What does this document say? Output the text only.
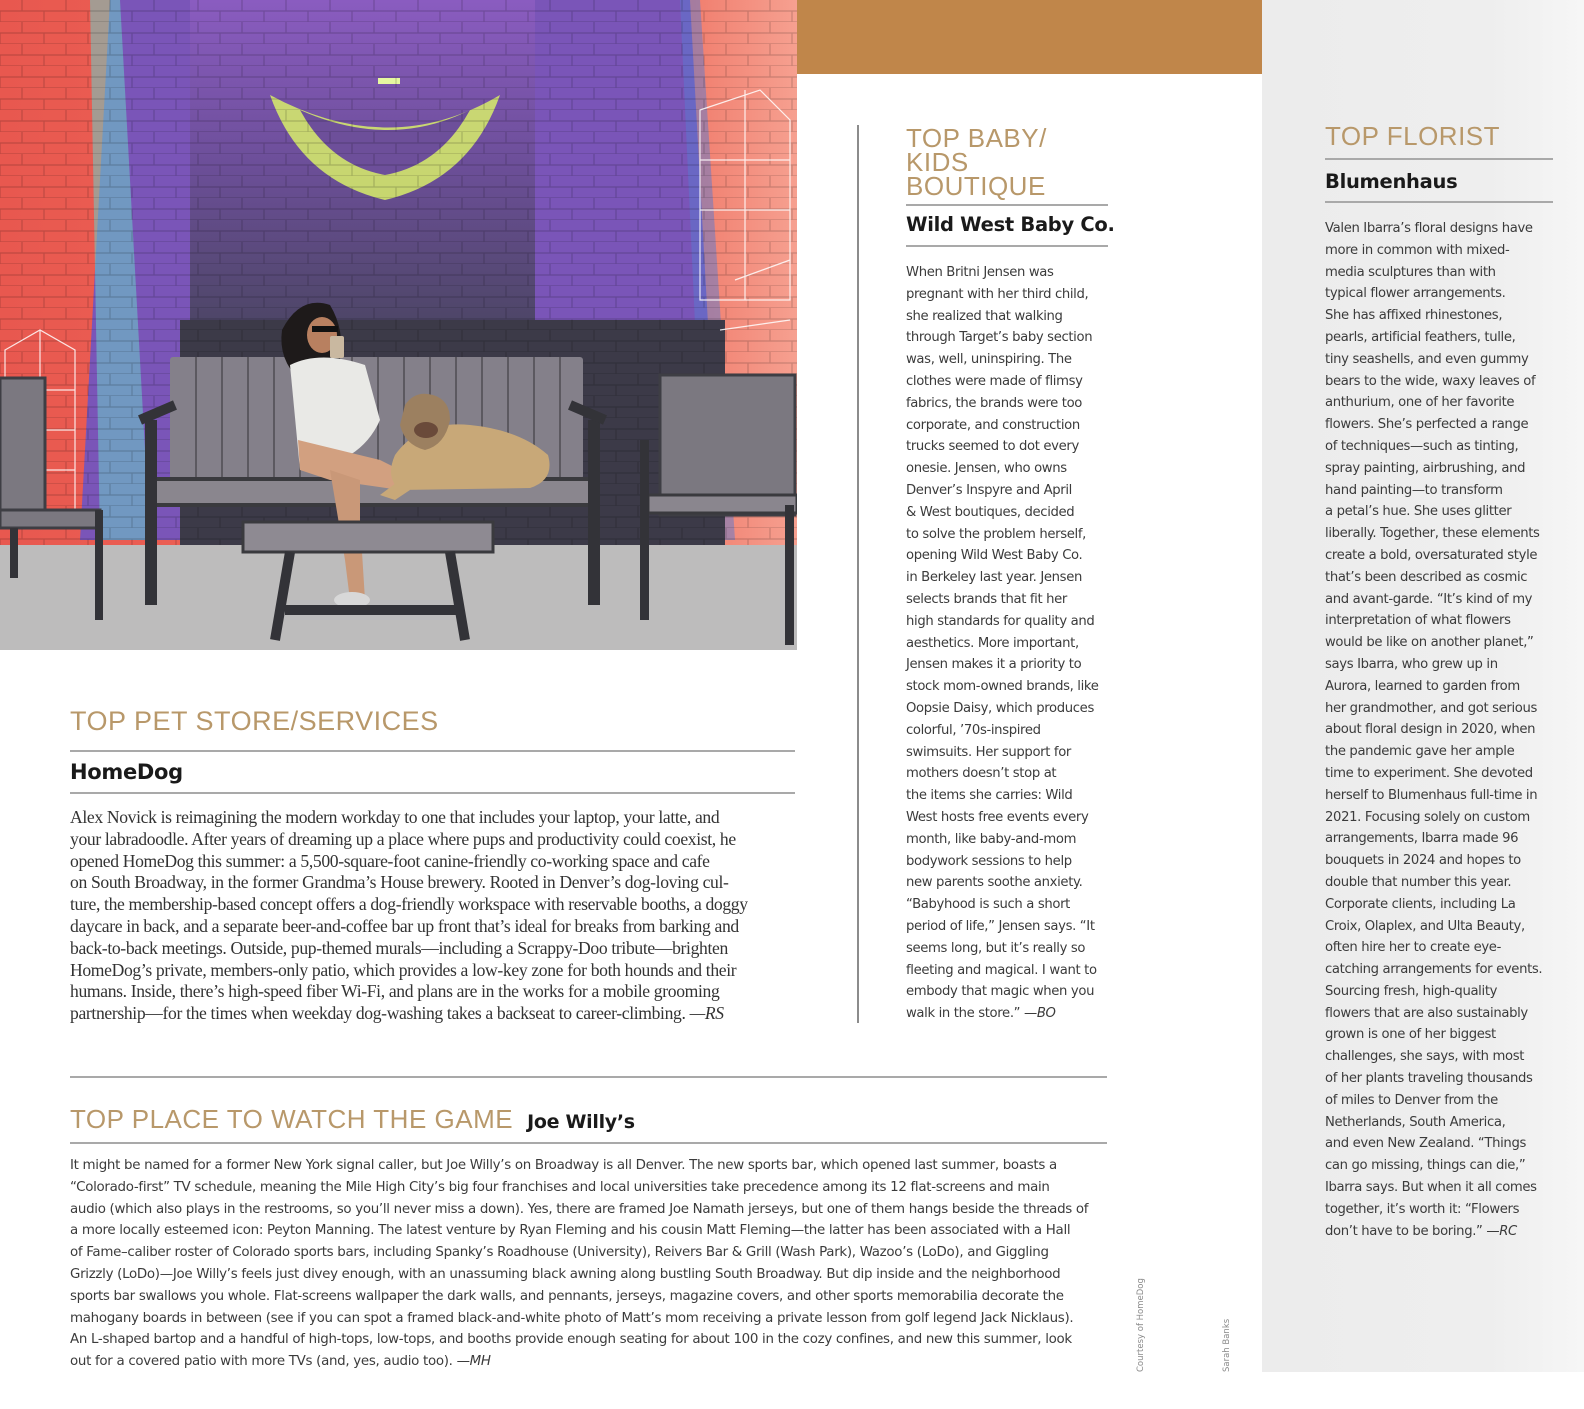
TOP PET STORE/SERVICES
HomeDog

Alex Novick is reimagining the modern workday to one that includes your laptop, your latte, and

your labradoodle. After years of dreaming up a place where pups and productivity could coexist, he

opened HomeDog this summer: a 5,500-square-foot canine-friendly co-working space and cafe

on South Broadway, in the former Grandma’s House brewery. Rooted in Denver’s dog-loving cul-

ture, the membership-based concept offers a dog-friendly workspace with reservable booths, a doggy

daycare in back, and a separate beer-and-coffee bar up front that’s ideal for breaks from barking and

back-to-back meetings. Outside, pup-themed murals—including a Scrappy-Doo tribute—brighten

HomeDog’s private, members-only patio, which provides a low-key zone for both hounds and their

humans. Inside, there’s high-speed fiber Wi-Fi, and plans are in the works for a mobile grooming

partnership—for the times when weekday dog-washing takes a backseat to career-climbing. —RS

TOP BABY/
KIDS
BOUTIQUE
Wild West Baby Co.

When Britni Jensen was

pregnant with her third child,

she realized that walking

through Target’s baby section

was, well, uninspiring. The

clothes were made of flimsy

fabrics, the brands were too

corporate, and construction

trucks seemed to dot every

onesie. Jensen, who owns

Denver’s Inspyre and April

& West boutiques, decided

to solve the problem herself,

opening Wild West Baby Co.

in Berkeley last year. Jensen

selects brands that fit her

high standards for quality and

aesthetics. More important,

Jensen makes it a priority to

stock mom-owned brands, like

Oopsie Daisy, which produces

colorful, ’70s-inspired

swimsuits. Her support for

mothers doesn’t stop at

the items she carries: Wild

West hosts free events every

month, like baby-and-mom

bodywork sessions to help

new parents soothe anxiety.

“Babyhood is such a short

period of life,” Jensen says. “It

seems long, but it’s really so

fleeting and magical. I want to

embody that magic when you

walk in the store.” —BO

TOP FLORIST
Blumenhaus

Valen Ibarra’s floral designs have

more in common with mixed-

media sculptures than with

typical flower arrangements.

She has affixed rhinestones,

pearls, artificial feathers, tulle,

tiny seashells, and even gummy

bears to the wide, waxy leaves of

anthurium, one of her favorite

flowers. She’s perfected a range

of techniques—such as tinting,

spray painting, airbrushing, and

hand painting—to transform

a petal’s hue. She uses glitter

liberally. Together, these elements

create a bold, oversaturated style

that’s been described as cosmic

and avant-garde. “It’s kind of my

interpretation of what flowers

would be like on another planet,”

says Ibarra, who grew up in

Aurora, learned to garden from

her grandmother, and got serious

about floral design in 2020, when

the pandemic gave her ample

time to experiment. She devoted

herself to Blumenhaus full-time in

2021. Focusing solely on custom

arrangements, Ibarra made 96

bouquets in 2024 and hopes to

double that number this year.

Corporate clients, including La

Croix, Olaplex, and Ulta Beauty,

often hire her to create eye-

catching arrangements for events.

Sourcing fresh, high-quality

flowers that are also sustainably

grown is one of her biggest

challenges, she says, with most

of her plants traveling thousands

of miles to Denver from the

Netherlands, South America,

and even New Zealand. “Things

can go missing, things can die,”

Ibarra says. But when it all comes

together, it’s worth it: “Flowers

don’t have to be boring.” —RC

TOP PLACE TO WATCH THE GAME Joe Willy’s

It might be named for a former New York signal caller, but Joe Willy’s on Broadway is all Denver. The new sports bar, which opened last summer, boasts a

“Colorado-first” TV schedule, meaning the Mile High City’s big four franchises and local universities take precedence among its 12 flat-screens and main

audio (which also plays in the restrooms, so you’ll never miss a down). Yes, there are framed Joe Namath jerseys, but one of them hangs beside the threads of

a more locally esteemed icon: Peyton Manning. The latest venture by Ryan Fleming and his cousin Matt Fleming—the latter has been associated with a Hall

of Fame–caliber roster of Colorado sports bars, including Spanky’s Roadhouse (University), Reivers Bar & Grill (Wash Park), Wazoo’s (LoDo), and Giggling

Grizzly (LoDo)—Joe Willy’s feels just divey enough, with an unassuming black awning along bustling South Broadway. But dip inside and the neighborhood

sports bar swallows you whole. Flat-screens wallpaper the dark walls, and pennants, jerseys, magazine covers, and other sports memorabilia decorate the

mahogany boards in between (see if you can spot a framed black-and-white photo of Matt’s mom receiving a private lesson from golf legend Jack Nicklaus).

An L-shaped bartop and a handful of high-tops, low-tops, and booths provide enough seating for about 100 in the cozy confines, and new this summer, look

out for a covered patio with more TVs (and, yes, audio too). —MH	Courtesy of HomeDog	Sarah Banks
